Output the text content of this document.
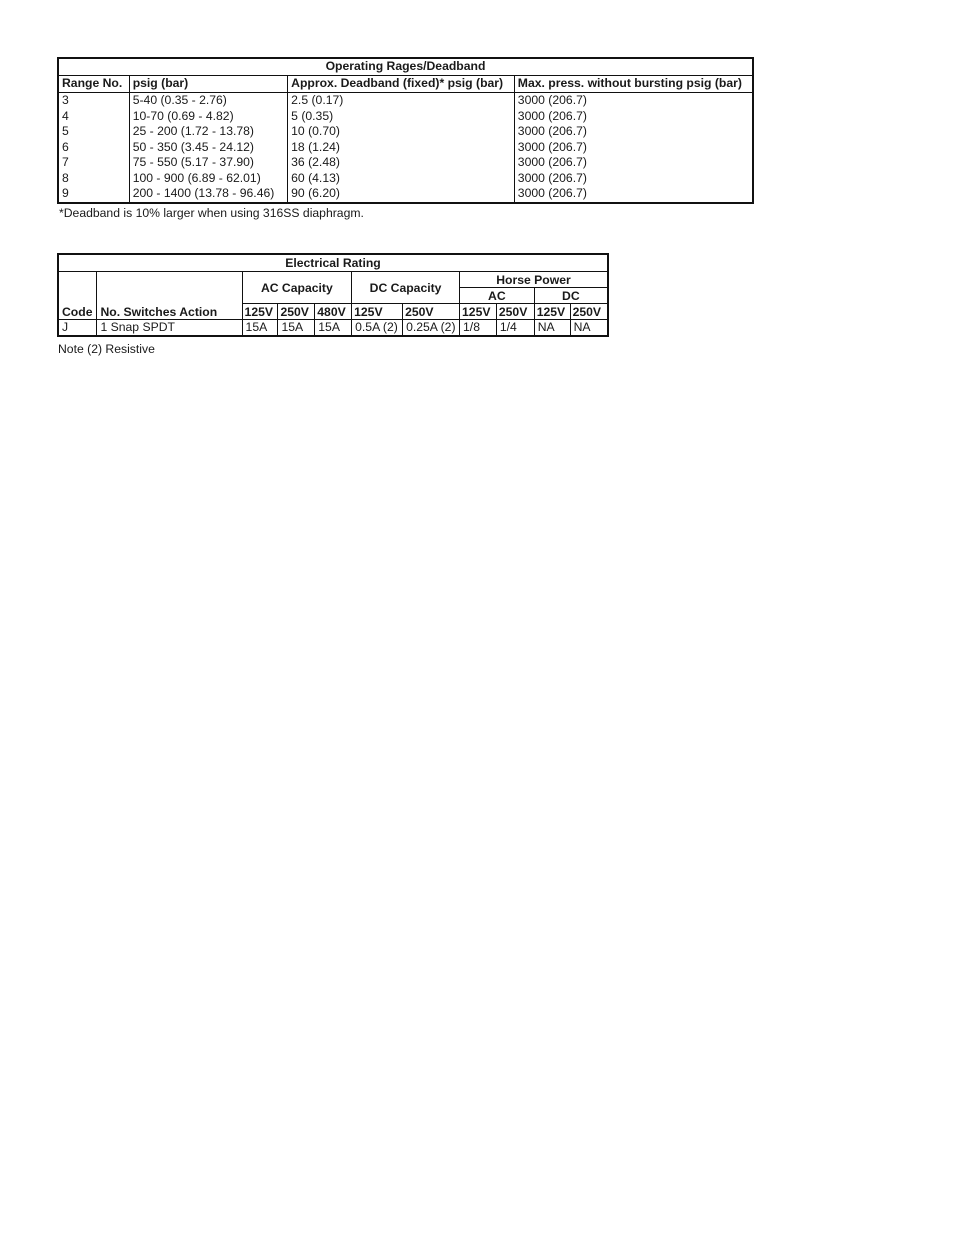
Operating Rages/Deadband			
Range No.	psig (bar)	Approx. Deadband (fixed)* psig (bar)	Max. press. without bursting psig (bar)
3	5-40 (0.35 - 2.76)	2.5 (0.17)	3000 (206.7)
4	10-70 (0.69 - 4.82)	5 (0.35)	3000 (206.7)
5	25 - 200 (1.72 - 13.78)	10 (0.70)	3000 (206.7)
6	50 - 350 (3.45 - 24.12)	18 (1.24)	3000 (206.7)
7	75 - 550 (5.17 - 37.90)	36 (2.48)	3000 (206.7)
8	100 - 900 (6.89 - 62.01)	60 (4.13)	3000 (206.7)
9	200 - 1400 (13.78 - 96.46)	90 (6.20)	3000 (206.7)
*Deadband is 10% larger when using 316SS diaphragm.
Electrical Rating										
Code	No. Switches Action	AC Capacity			DC Capacity		Horse Power			
							AC		DC	
		125V	250V	480V	125V	250V	125V	250V	125V	250V
J	1 Snap SPDT	15A	15A	15A	0.5A (2)	0.25A (2)	1/8	1/4	NA	NA
Note (2) Resistive
